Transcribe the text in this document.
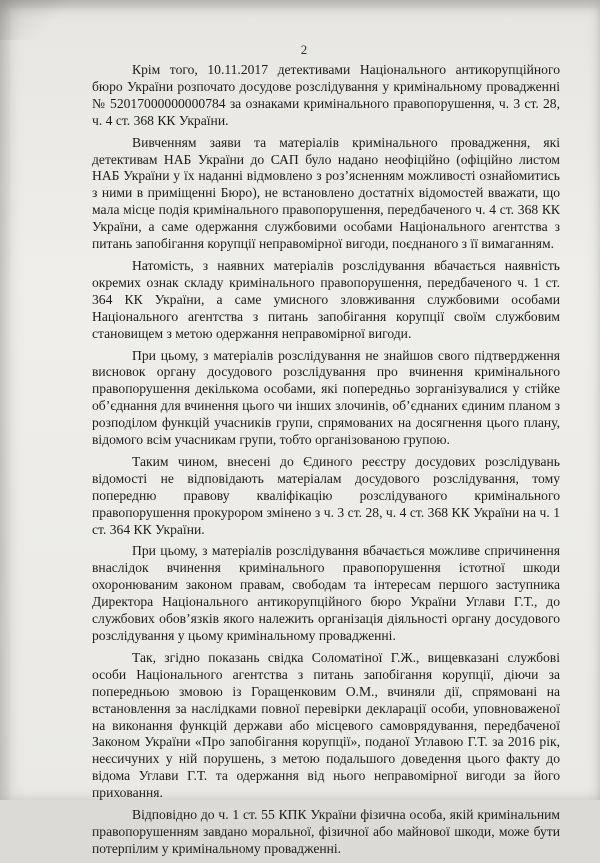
2

Крім того, 10.11.2017 детективами Національного антикорупційного бюро України розпочато досудове розслідування у кримінальному провадженні № 52017000000000784 за ознаками кримінального правопорушення, ч. 3 ст. 28, ч. 4 ст. 368 КК України.

Вивченням заяви та матеріалів кримінального провадження, які детективам НАБ України до САП було надано неофіційно (офіційно листом НАБ України у їх наданні відмовлено з роз’ясненням можливості ознайомитись з ними в приміщенні Бюро), не встановлено достатніх відомостей вважати, що мала місце подія кримінального правопорушення, передбаченого ч. 4 ст. 368 КК України, а саме одержання службовими особами Національного агентства з питань запобігання корупції неправомірної вигоди, поєднаного з її вимаганням.

Натомість, з наявних матеріалів розслідування вбачається наявність окремих ознак складу кримінального правопорушення, передбаченого ч. 1 ст. 364 КК України, а саме умисного зловживання службовими особами Національного агентства з питань запобігання корупції своїм службовим становищем з метою одержання неправомірної вигоди.

При цьому, з матеріалів розслідування не знайшов свого підтвердження висновок органу досудового розслідування про вчинення кримінального правопорушення декількома особами, які попередньо зорганізувалися у стійке об’єднання для вчинення цього чи інших злочинів, об’єднаних єдиним планом з розподілом функцій учасників групи, спрямованих на досягнення цього плану, відомого всім учасникам групи, тобто організованою групою.

Таким чином, внесені до Єдиного реєстру досудових розслідувань відомості не відповідають матеріалам досудового розслідування, тому попередню правову кваліфікацію розслідуваного кримінального правопорушення прокурором змінено з ч. 3 ст. 28, ч. 4 ст. 368 КК України на ч. 1 ст. 364 КК України.

При цьому, з матеріалів розслідування вбачається можливе спричинення внаслідок вчинення кримінального правопорушення істотної шкоди охоронюваним законом правам, свободам та інтересам першого заступника Директора Національного антикорупційного бюро України Углави Г.Т., до службових обов’язків якого належить організація діяльності органу досудового розслідування у цьому кримінальному провадженні.

Так, згідно показань свідка Соломатіної Г.Ж., вищевказані службові особи Національного агентства з питань запобігання корупції, діючи за попередньою змовою із Горащенковим О.М., вчиняли дії, спрямовані на встановлення за наслідками повної перевірки декларації особи, уповноваженої на виконання функцій держави або місцевого самоврядування, передбаченої Законом України «Про запобігання корупції», поданої Углавою Г.Т. за 2016 рік, неєсичуних у ній порушень, з метою подальшого доведення цього факту до відома Углави Г.Т. та одержання від нього неправомірної вигоди за його приховання.

Відповідно до ч. 1 ст. 55 КПК України фізична особа, якій кримінальним правопорушенням завдано моральної, фізичної або майнової шкоди, може бути потерпілим у кримінальному провадженні.
